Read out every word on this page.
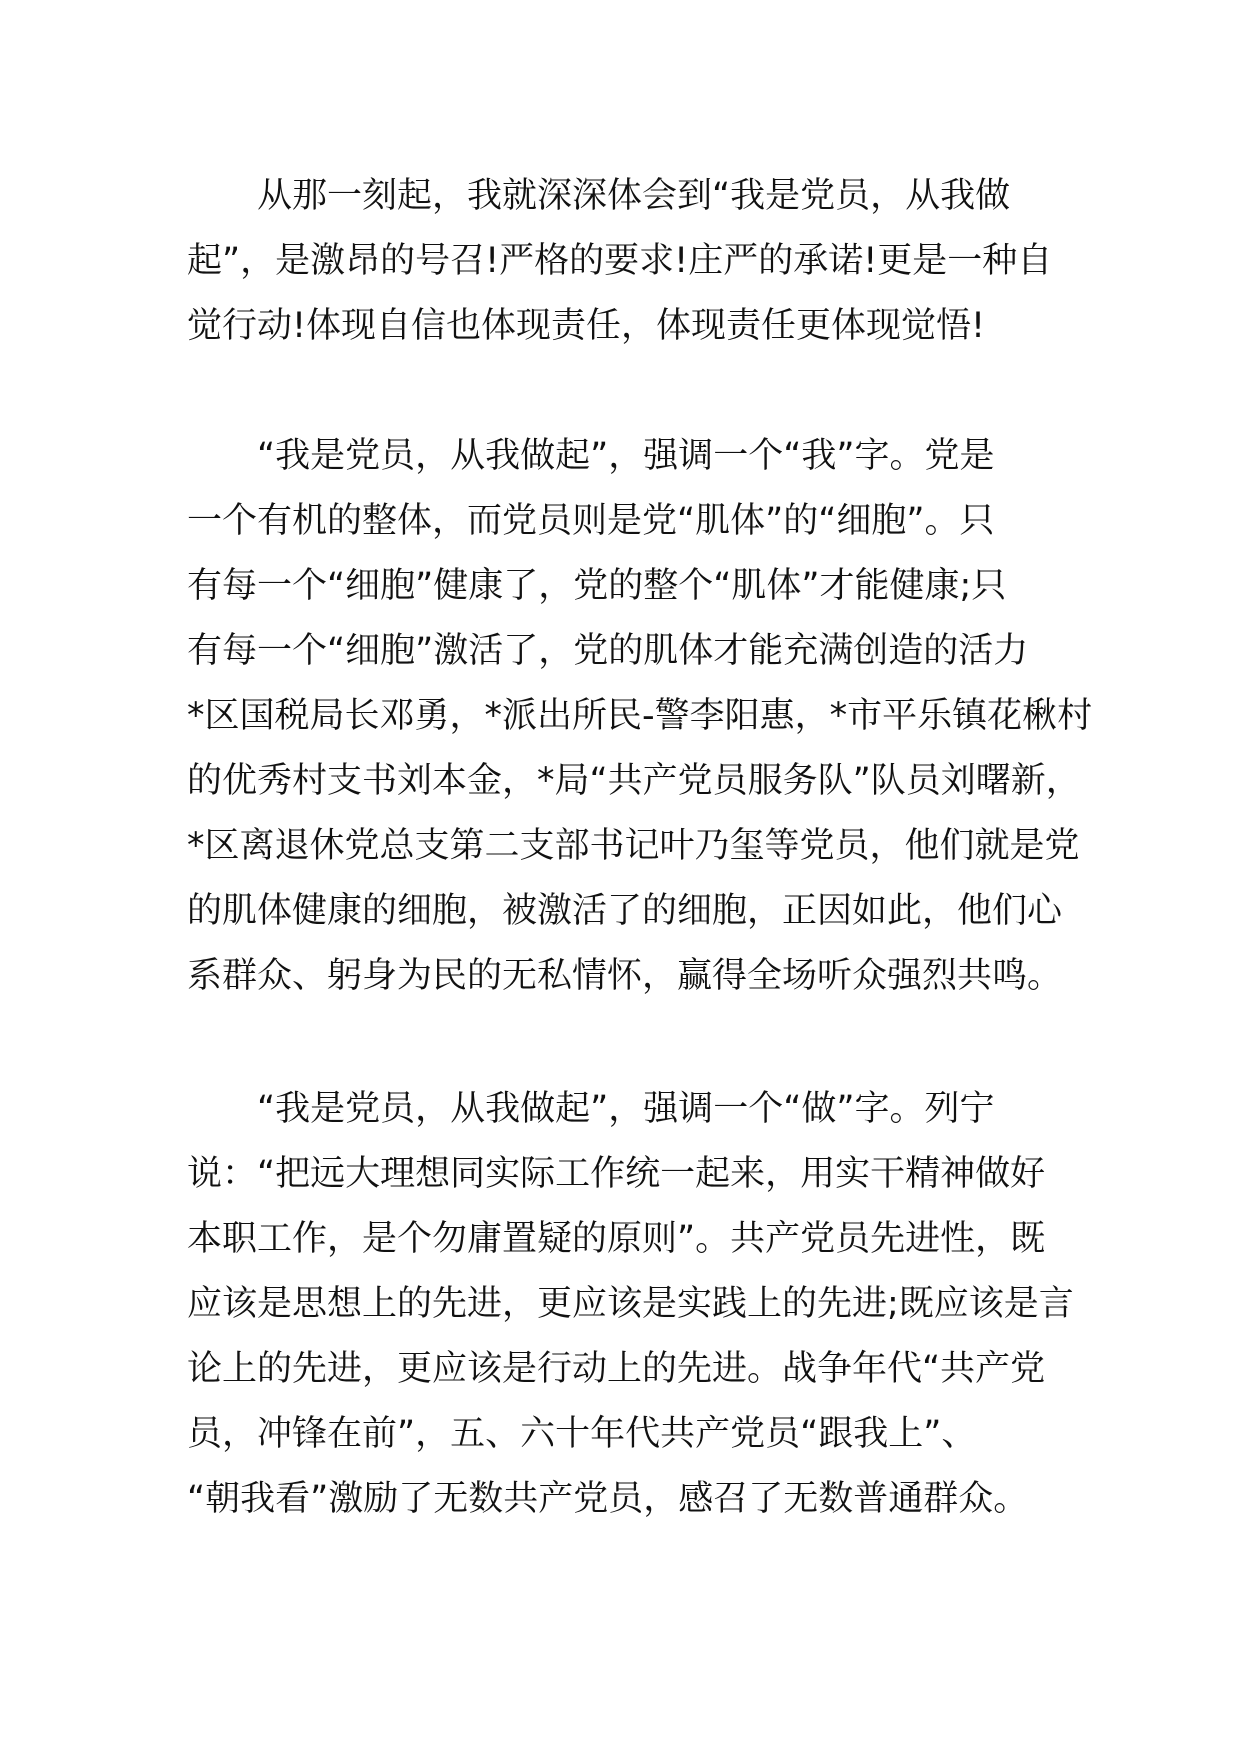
　　从那一刻起，我就深深体会到“我是党员，从我做
起”，是激昂的号召!严格的要求!庄严的承诺!更是一种自
觉行动!体现自信也体现责任，体现责任更体现觉悟!

　　“我是党员，从我做起”，强调一个“我”字。党是
一个有机的整体，而党员则是党“肌体”的“细胞”。只
有每一个“细胞”健康了，党的整个“肌体”才能健康;只
有每一个“细胞”激活了，党的肌体才能充满创造的活力
*区国税局长邓勇，*派出所民-警李阳惠，*市平乐镇花楸村
的优秀村支书刘本金，*局“共产党员服务队”队员刘曙新，
*区离退休党总支第二支部书记叶乃玺等党员，他们就是党
的肌体健康的细胞，被激活了的细胞，正因如此，他们心
系群众、躬身为民的无私情怀，赢得全场听众强烈共鸣。

　　“我是党员，从我做起”，强调一个“做”字。列宁
说：“把远大理想同实际工作统一起来，用实干精神做好
本职工作，是个勿庸置疑的原则”。共产党员先进性，既
应该是思想上的先进，更应该是实践上的先进;既应该是言
论上的先进，更应该是行动上的先进。战争年代“共产党
员，冲锋在前”，五、六十年代共产党员“跟我上”、
“朝我看”激励了无数共产党员，感召了无数普通群众。
